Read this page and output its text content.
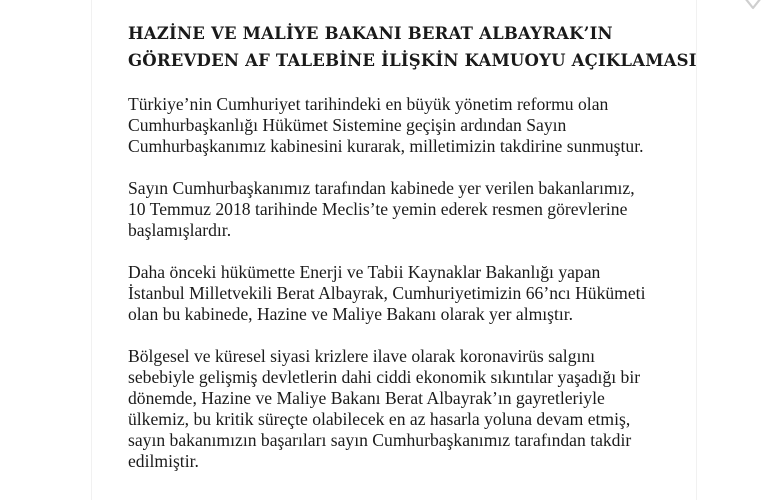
HAZİNE VE MALİYE BAKANI BERAT ALBAYRAK’IN
GÖREVDEN AF TALEBİNE İLİŞKİN KAMUOYU AÇIKLAMASI

Türkiye’nin Cumhuriyet tarihindeki en büyük yönetim reformu olan
Cumhurbaşkanlığı Hükümet Sistemine geçişin ardından Sayın
Cumhurbaşkanımız kabinesini kurarak, milletimizin takdirine sunmuştur.

Sayın Cumhurbaşkanımız tarafından kabinede yer verilen bakanlarımız,
10 Temmuz 2018 tarihinde Meclis’te yemin ederek resmen görevlerine
başlamışlardır.

Daha önceki hükümette Enerji ve Tabii Kaynaklar Bakanlığı yapan
İstanbul Milletvekili Berat Albayrak, Cumhuriyetimizin 66’ncı Hükümeti
olan bu kabinede, Hazine ve Maliye Bakanı olarak yer almıştır.

Bölgesel ve küresel siyasi krizlere ilave olarak koronavirüs salgını
sebebiyle gelişmiş devletlerin dahi ciddi ekonomik sıkıntılar yaşadığı bir
dönemde, Hazine ve Maliye Bakanı Berat Albayrak’ın gayretleriyle
ülkemiz, bu kritik süreçte olabilecek en az hasarla yoluna devam etmiş,
sayın bakanımızın başarıları sayın Cumhurbaşkanımız tarafından takdir
edilmiştir.
